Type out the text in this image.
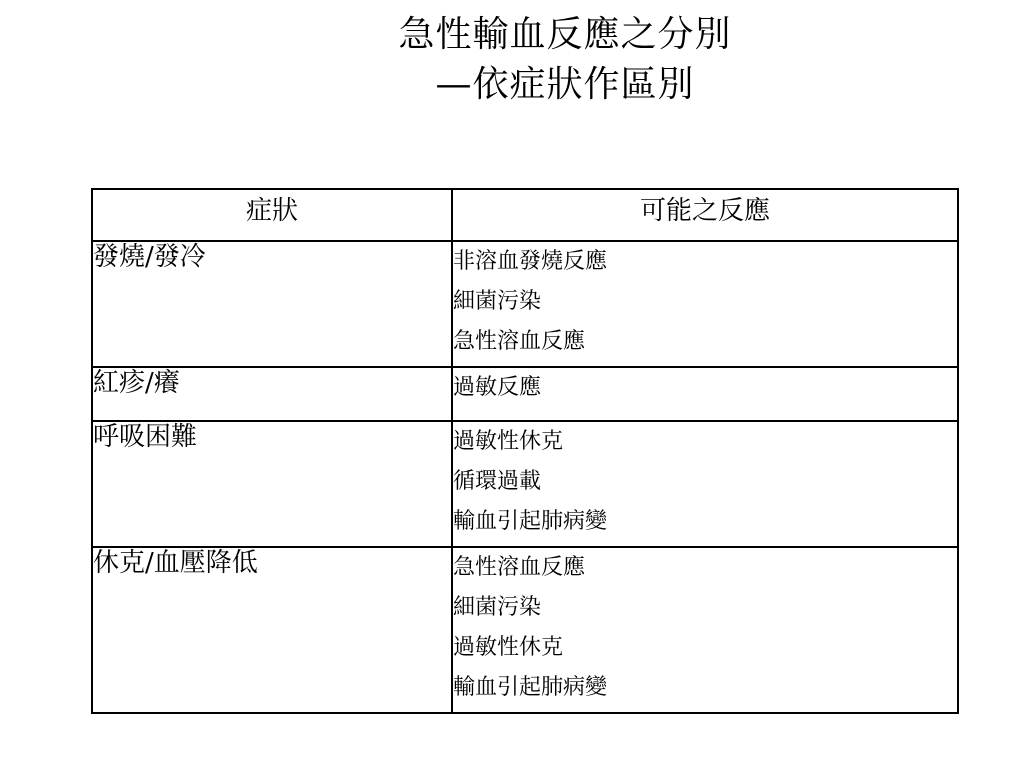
急性輸血反應之分別
—依症狀作區別
症狀	可能之反應
發燒/發冷	非溶血發燒反應
細菌污染
急性溶血反應

紅疹/癢	過敏反應

呼吸困難	過敏性休克
循環過載
輸血引起肺病變

休克/血壓降低	急性溶血反應
細菌污染
過敏性休克
輸血引起肺病變
